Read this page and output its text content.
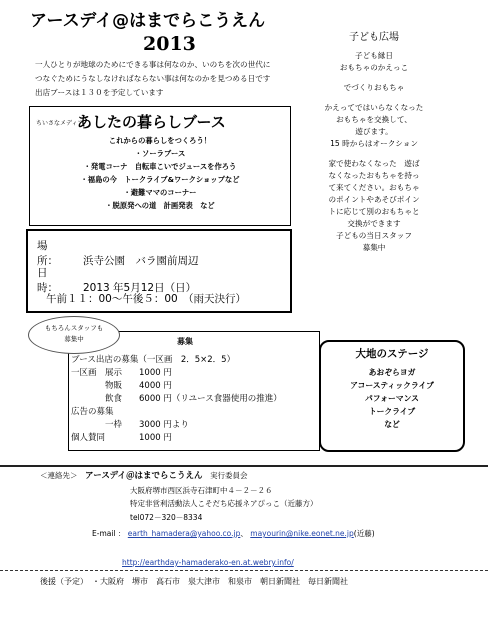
アースデイ@はまでらこうえん
2013
一人ひとりが地球のためにできる事は何なのか、いのちを次の世代に
つなぐためにうなしなければならない事は何なのかを見つめる日です
出店ブースは１３０を予定しています
ちいさなメディア
あしたの暮らしブース
これからの暮らしをつくろう！
・ソーラブース
・発電コーナ　自転車こいでジュースを作ろう
・福島の今　トークライブ&ワークショップなど
・避難ママのコーナー
・脱原発への道　計画発表　など
場　　所： 浜寺公園　バラ園前周辺
日　　時： 2013 年5月12日（日）
午前１１：00～午後５：00　（雨天決行）
募集
ブース出店の募集（一区画　2．5×2．5）
一区画　展示　　1000 円
　　　　物販　　4000 円
　　　　飲食　　6000 円（リユース食器使用の推進）
広告の募集
　　　　一枠　　3000 円より
個人賛同　　　　1000 円
もちろんスタッフも
募集中
子ども広場
子ども縁日
おもちゃのかえっこ
でづくりおもちゃ
かえってではいらなくなった
おもちゃを交換して、
遊びます。
15 時からはオークション
家で使わなくなった　遊ば
なくなったおもちゃを持っ
て来てください。おもちゃ
のポイントやあそびポイン
トに応じて別のおもちゃと
交換ができます
子どもの当日スタッフ
募集中
大地のステージ
あおぞらヨガ
アコースティックライブ
パフォーマンス
トークライブ
など
＜連絡先＞　 アースデイ＠はまでらこうえん　 実行委員会
大阪府堺市西区浜寺石津町中４－２－２６
特定非営利活動法人こそだち応援ネアぴっこ（近藤方）
tel072－320－8334
E-mail ： earth_hamadera@yahoo.co.jp、 mayourin@nike.eonet.ne.jp(近藤)
http://earthday-hamaderako-en.at.webry.info/
後援（予定）　・大阪府　堺市　高石市　泉大津市　和泉市　朝日新聞社　毎日新聞社
